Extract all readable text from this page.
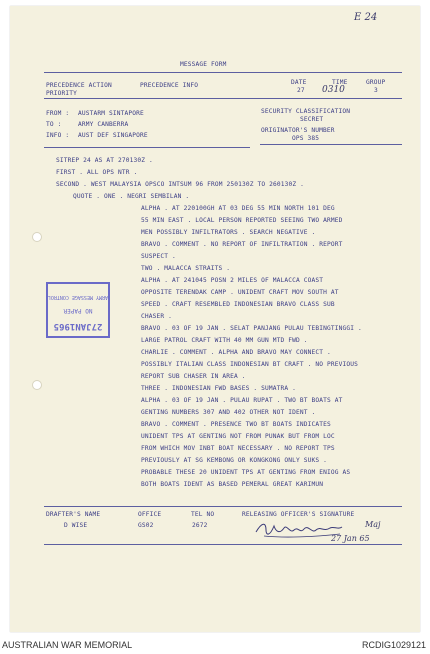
E 24
MESSAGE FORM
PRECEDENCE ACTION
PRIORITY
PRECEDENCE INFO	DATE	TIME	GROUP
27 0310	3
FROM : AUSTARM SINTAPORE
TO :	ARMY CANBERRA
INFO : AUST DEF SINGAPORE
SECURITY CLASSIFICATION
SECRET
ORIGINATOR'S NUMBER
OPS 385
SITREP 24 AS AT 270130Z .
FIRST . ALL OPS NTR .
SECOND . WEST MALAYSIA OPSCO INTSUM 96 FROM 250130Z TO 260130Z .
QUOTE . ONE . NEGRI SEMBILAN .
ALPHA . AT 220100GH AT 03 DEG 55 MIN NORTH 101 DEG
55 MIN EAST . LOCAL PERSON REPORTED SEEING TWO ARMED
MEN POSSIBLY INFILTRATORS . SEARCH NEGATIVE .
BRAVO . COMMENT . NO REPORT OF INFILTRATION . REPORT
SUSPECT .
TWO . MALACCA STRAITS .
ALPHA . AT 241045 POSN 2 MILES OF MALACCA COAST
OPPOSITE TERENDAK CAMP . UNIDENT CRAFT MOV SOUTH AT
SPEED . CRAFT RESEMBLED INDONESIAN BRAVO CLASS SUB
CHASER .
BRAVO . 03 OF 19 JAN . SELAT PANJANG PULAU TEBINGTINGGI .
LARGE PATROL CRAFT WITH 40 MM GUN MTD FWD .
CHARLIE . COMMENT . ALPHA AND BRAVO MAY CONNECT .
POSSIBLY ITALIAN CLASS INDONESIAN BT CRAFT . NO PREVIOUS
REPORT SUB CHASER IN AREA .
THREE . INDONESIAN FWD BASES . SUMATRA .
ALPHA . 03 OF 19 JAN . PULAU RUPAT . TWO BT BOATS AT
GENTING NUMBERS 307 AND 402 OTHER NOT IDENT .
BRAVO . COMMENT . PRESENCE TWO BT BOATS INDICATES
UNIDENT TPS AT GENTING NOT FROM PUNAK BUT FROM LOC
FROM WHICH MOV INBT BOAT NECESSARY . NO REPORT TPS
PREVIOUSLY AT SG KEMBONG OR KONGKONG ONLY SUKS .
PROBABLE THESE 20 UNIDENT TPS AT GENTING FROM ENIOG AS
BOTH BOATS IDENT AS BASED PEMERAL GREAT KARIMUN
DRAFTER'S NAME	OFFICE	TEL NO	RELEASING OFFICER'S SIGNATURE
D WISE	GS02	2672	Maj
27 Jan 65
27JAN1965
NO PAPER
ARMY MESSAGE CONTROL
AUSTRALIAN WAR MEMORIAL	RCDIG1029121
